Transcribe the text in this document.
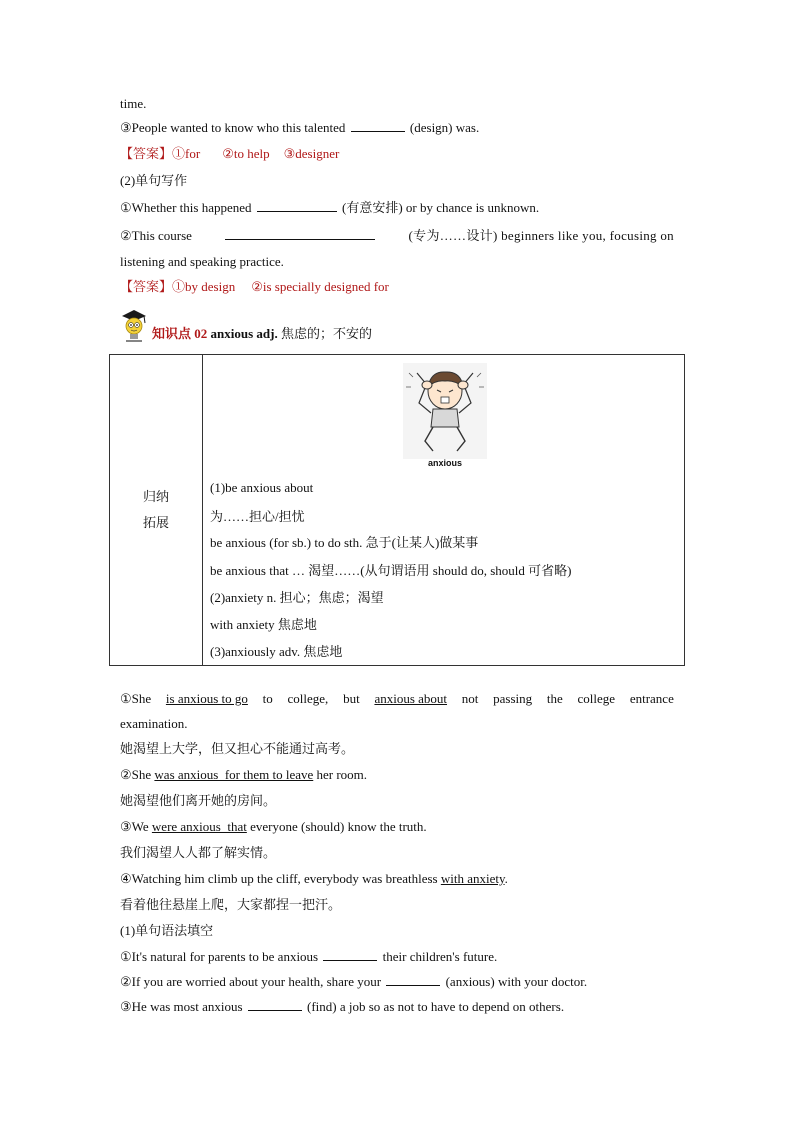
time.
③People wanted to know who this talented	(design) was.
【答案】①for ②to help ③designer
(2)单句写作
①Whether this happened	(有意安排) or by chance is unknown.
②This course	(专为……设计) beginners like you, focusing on
listening and speaking practice.
【答案】①by design ②is specially designed for
知识点 02 anxious adj. 焦虑的；不安的
归纳
拓展

anxious
(1)be anxious about
为……担心/担忧
be anxious (for sb.) to do sth. 急于(让某人)做某事
be anxious that … 渴望……(从句谓语用 should do, should 可省略)
(2)anxiety n. 担心；焦虑；渴望
with anxiety 焦虑地
(3)anxiously adv. 焦虑地
①She is anxious to go to college, but anxious about not passing the college entrance
examination.
她渴望上大学，但又担心不能通过高考。
②She was anxious  for them to leave her room.
她渴望他们离开她的房间。
③We were anxious  that everyone (should) know the truth.
我们渴望人人都了解实情。
④Watching him climb up the cliff, everybody was breathless with anxiety.
看着他往悬崖上爬，大家都捏一把汗。
(1)单句语法填空
①It's natural for parents to be anxious	their children's future.
②If you are worried about your health, share your	(anxious) with your doctor.
③He was most anxious	(find) a job so as not to have to depend on others.
